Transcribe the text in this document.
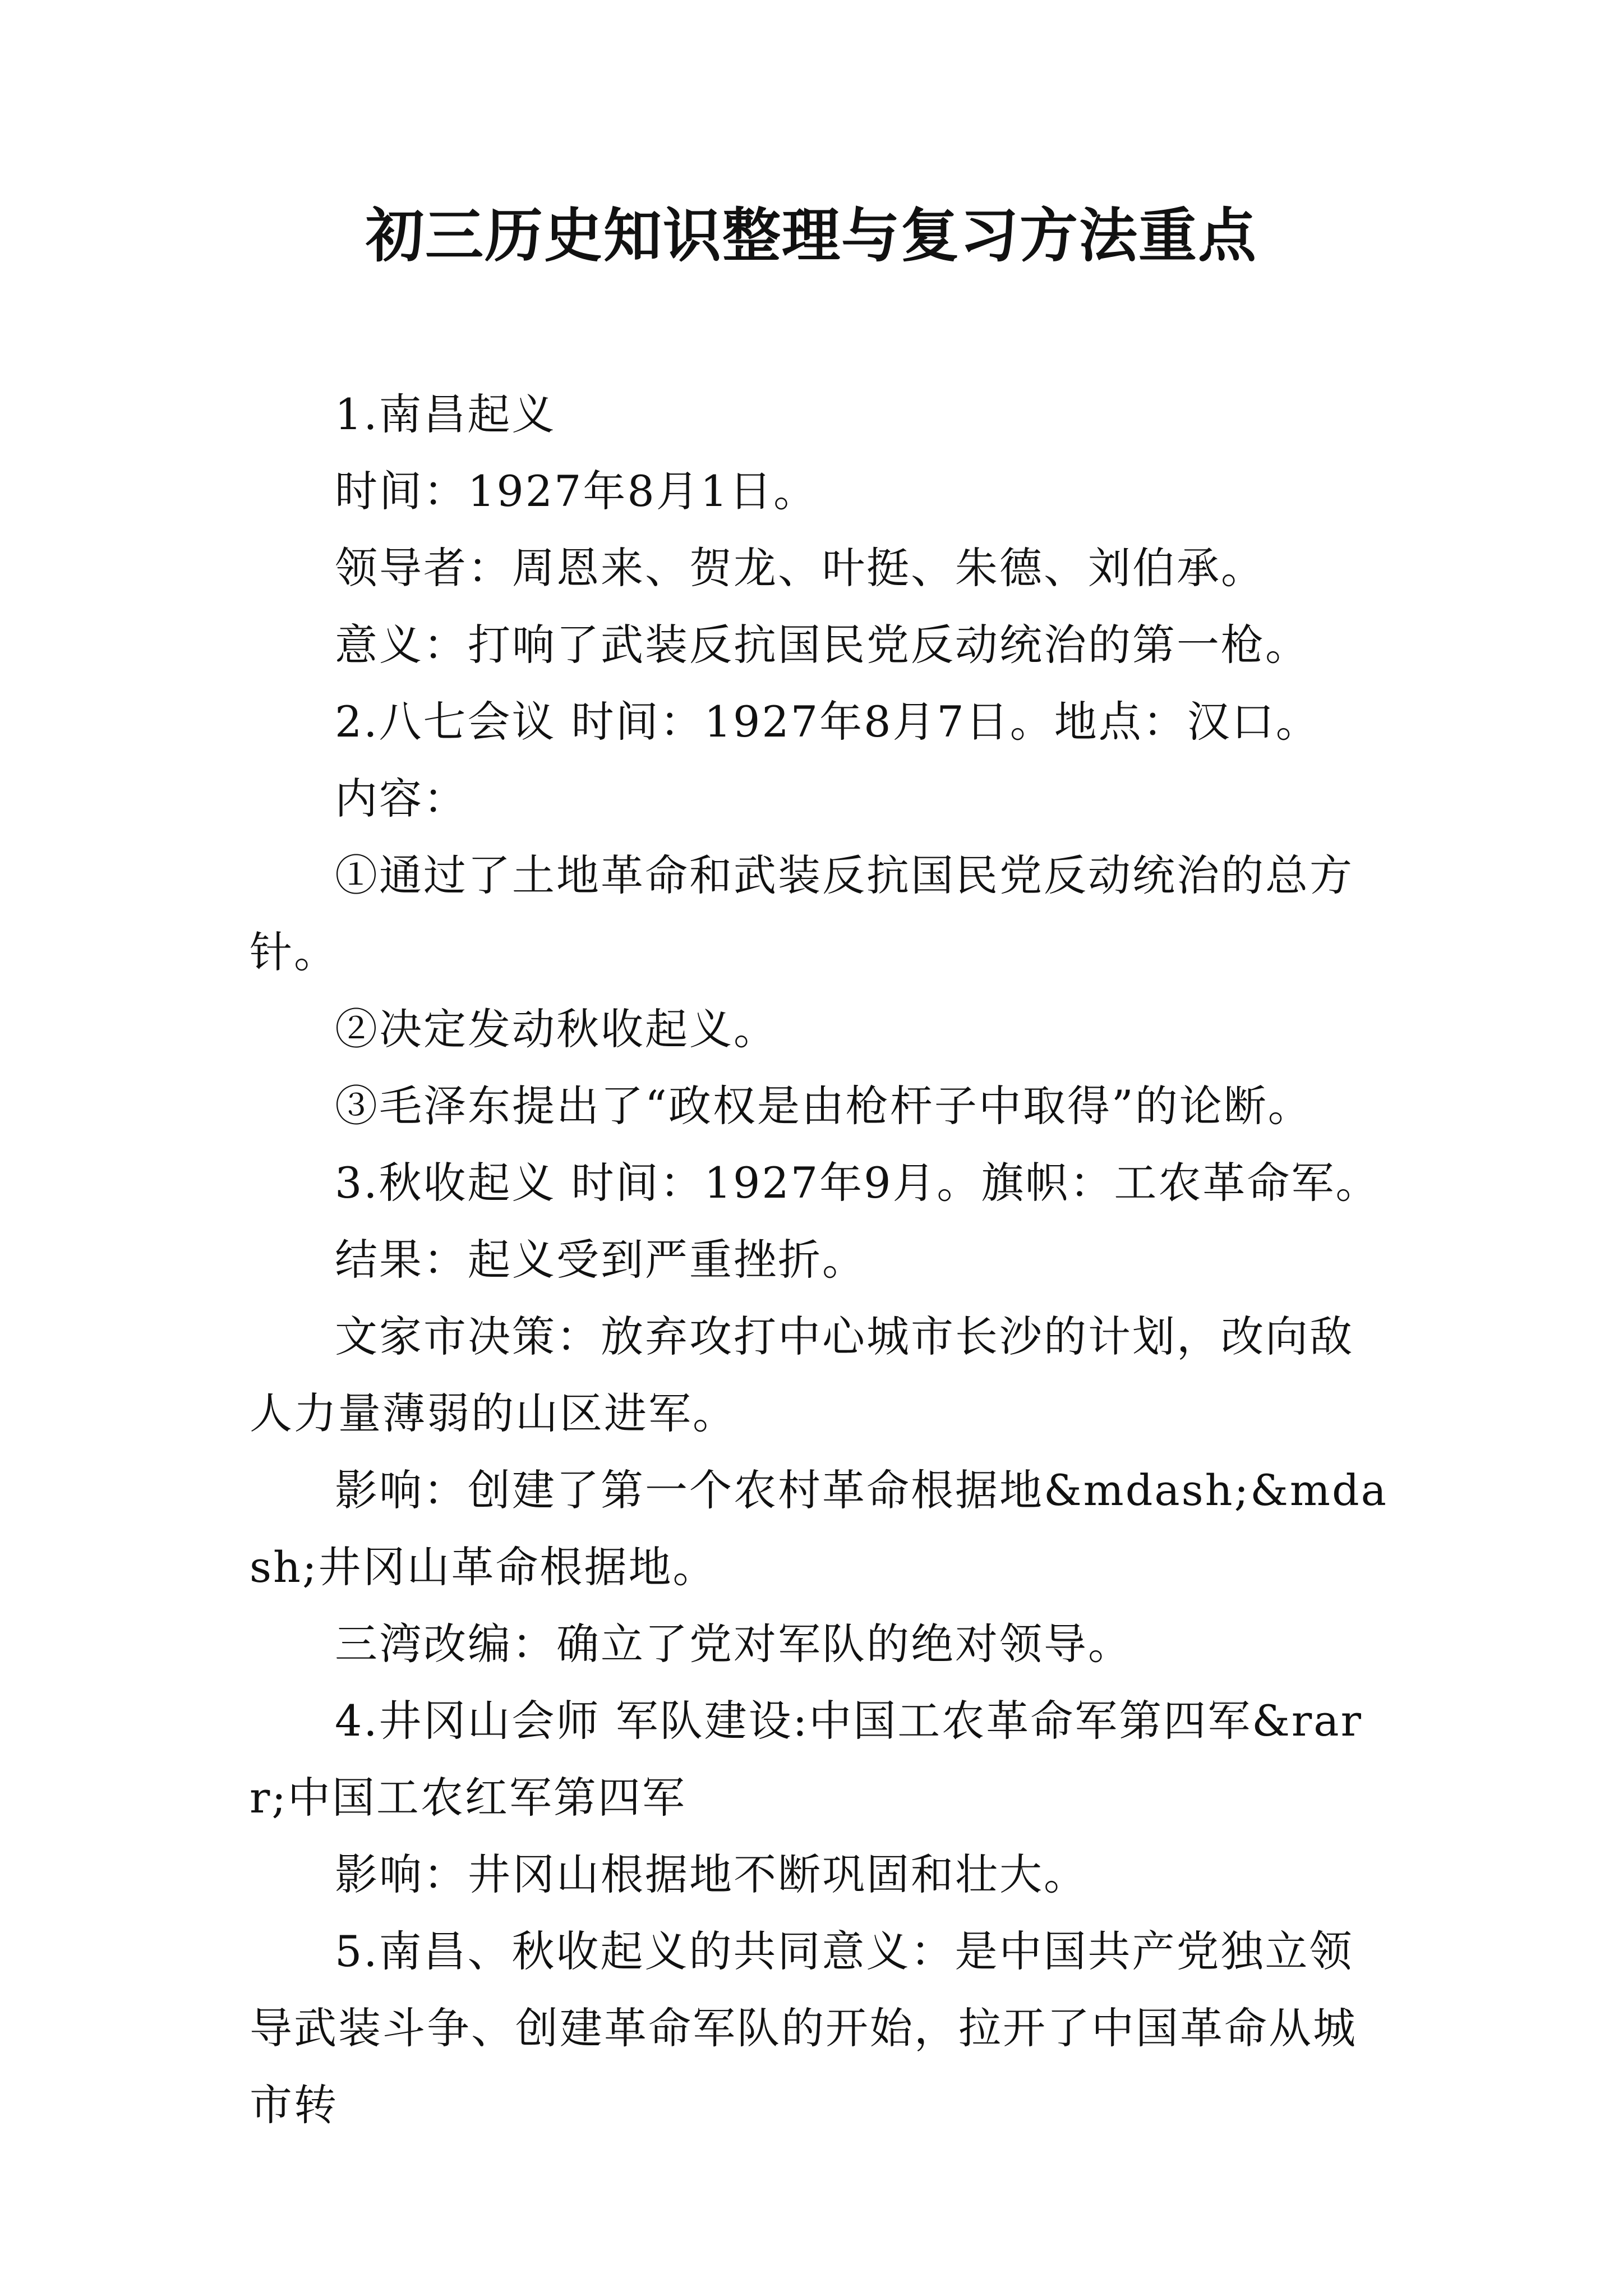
初三历史知识整理与复习方法重点

1.南昌起义

时间：1927年8月1日。

领导者：周恩来、贺龙、叶挺、朱德、刘伯承。

意义：打响了武装反抗国民党反动统治的第一枪。

2.八七会议 时间：1927年8月7日。地点：汉口。

内容：

①通过了土地革命和武装反抗国民党反动统治的总方针。

②决定发动秋收起义。

③毛泽东提出了“政权是由枪杆子中取得”的论断。

3.秋收起义 时间：1927年9月。旗帜：工农革命军。

结果：起义受到严重挫折。

文家市决策：放弃攻打中心城市长沙的计划，改向敌人力量薄弱的山区进军。

影响：创建了第一个农村革命根据地&mdash;&mdash;井冈山革命根据地。

三湾改编：确立了党对军队的绝对领导。

4.井冈山会师 军队建设:中国工农革命军第四军&rarr;中国工农红军第四军

影响：井冈山根据地不断巩固和壮大。

5.南昌、秋收起义的共同意义：是中国共产党独立领导武装斗争、创建革命军队的开始，拉开了中国革命从城市转
